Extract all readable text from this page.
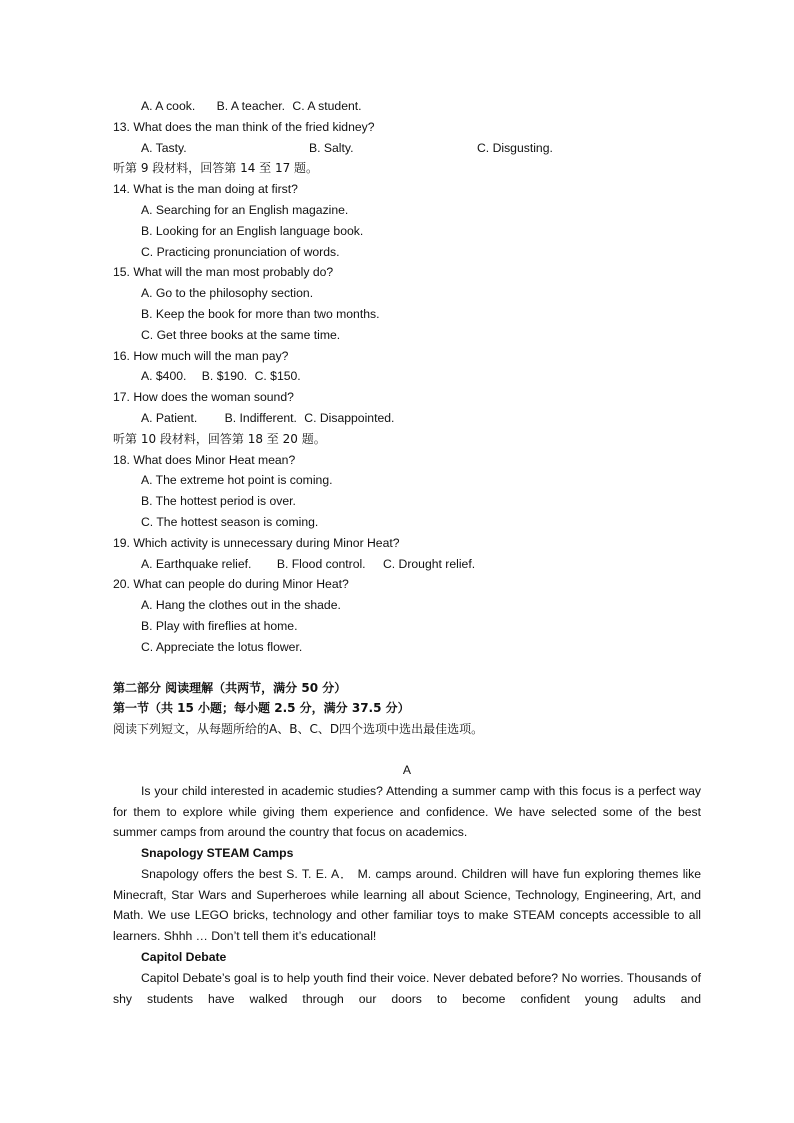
A. A cook. B. A teacher. C. A student.
13. What does the man think of the fried kidney?
A. Tasty.	B. Salty.	C. Disgusting.
听第 9 段材料，回答第 14 至 17 题。
14. What is the man doing at first?
A. Searching for an English magazine.
B. Looking for an English language book.
C. Practicing pronunciation of words.
15. What will the man most probably do?
A. Go to the philosophy section.
B. Keep the book for more than two months.
C. Get three books at the same time.
16. How much will the man pay?
A. $400. B. $190. C. $150.
17. How does the woman sound?
A. Patient. B. Indifferent. C. Disappointed.
听第 10 段材料，回答第 18 至 20 题。
18. What does Minor Heat mean?
A. The extreme hot point is coming.
B. The hottest period is over.
C. The hottest season is coming.
19. Which activity is unnecessary during Minor Heat?
A. Earthquake relief. B. Flood control. C. Drought relief.
20. What can people do during Minor Heat?
A. Hang the clothes out in the shade.
B. Play with fireflies at home.
C. Appreciate the lotus flower.
第二部分 阅读理解（共两节，满分 50 分）
第一节（共 15 小题；每小题 2.5 分，满分 37.5 分）
阅读下列短文，从每题所给的A、B、C、D四个选项中选出最佳选项。
A
Is your child interested in academic studies? Attending a summer camp with this focus is a perfect way for them to explore while giving them experience and confidence. We have selected some of the best summer camps from around the country that focus on academics.
Snapology STEAM Camps
Snapology offers the best S. T. E. A． M. camps around. Children will have fun exploring themes like Minecraft, Star Wars and Superheroes while learning all about Science, Technology, Engineering, Art, and Math. We use LEGO bricks, technology and other familiar toys to make STEAM concepts accessible to all learners. Shhh … Don’t tell them it’s educational!
Capitol Debate
Capitol Debate’s goal is to help youth find their voice. Never debated before? No worries. Thousands of shy students have walked through our doors to become confident young adults and
